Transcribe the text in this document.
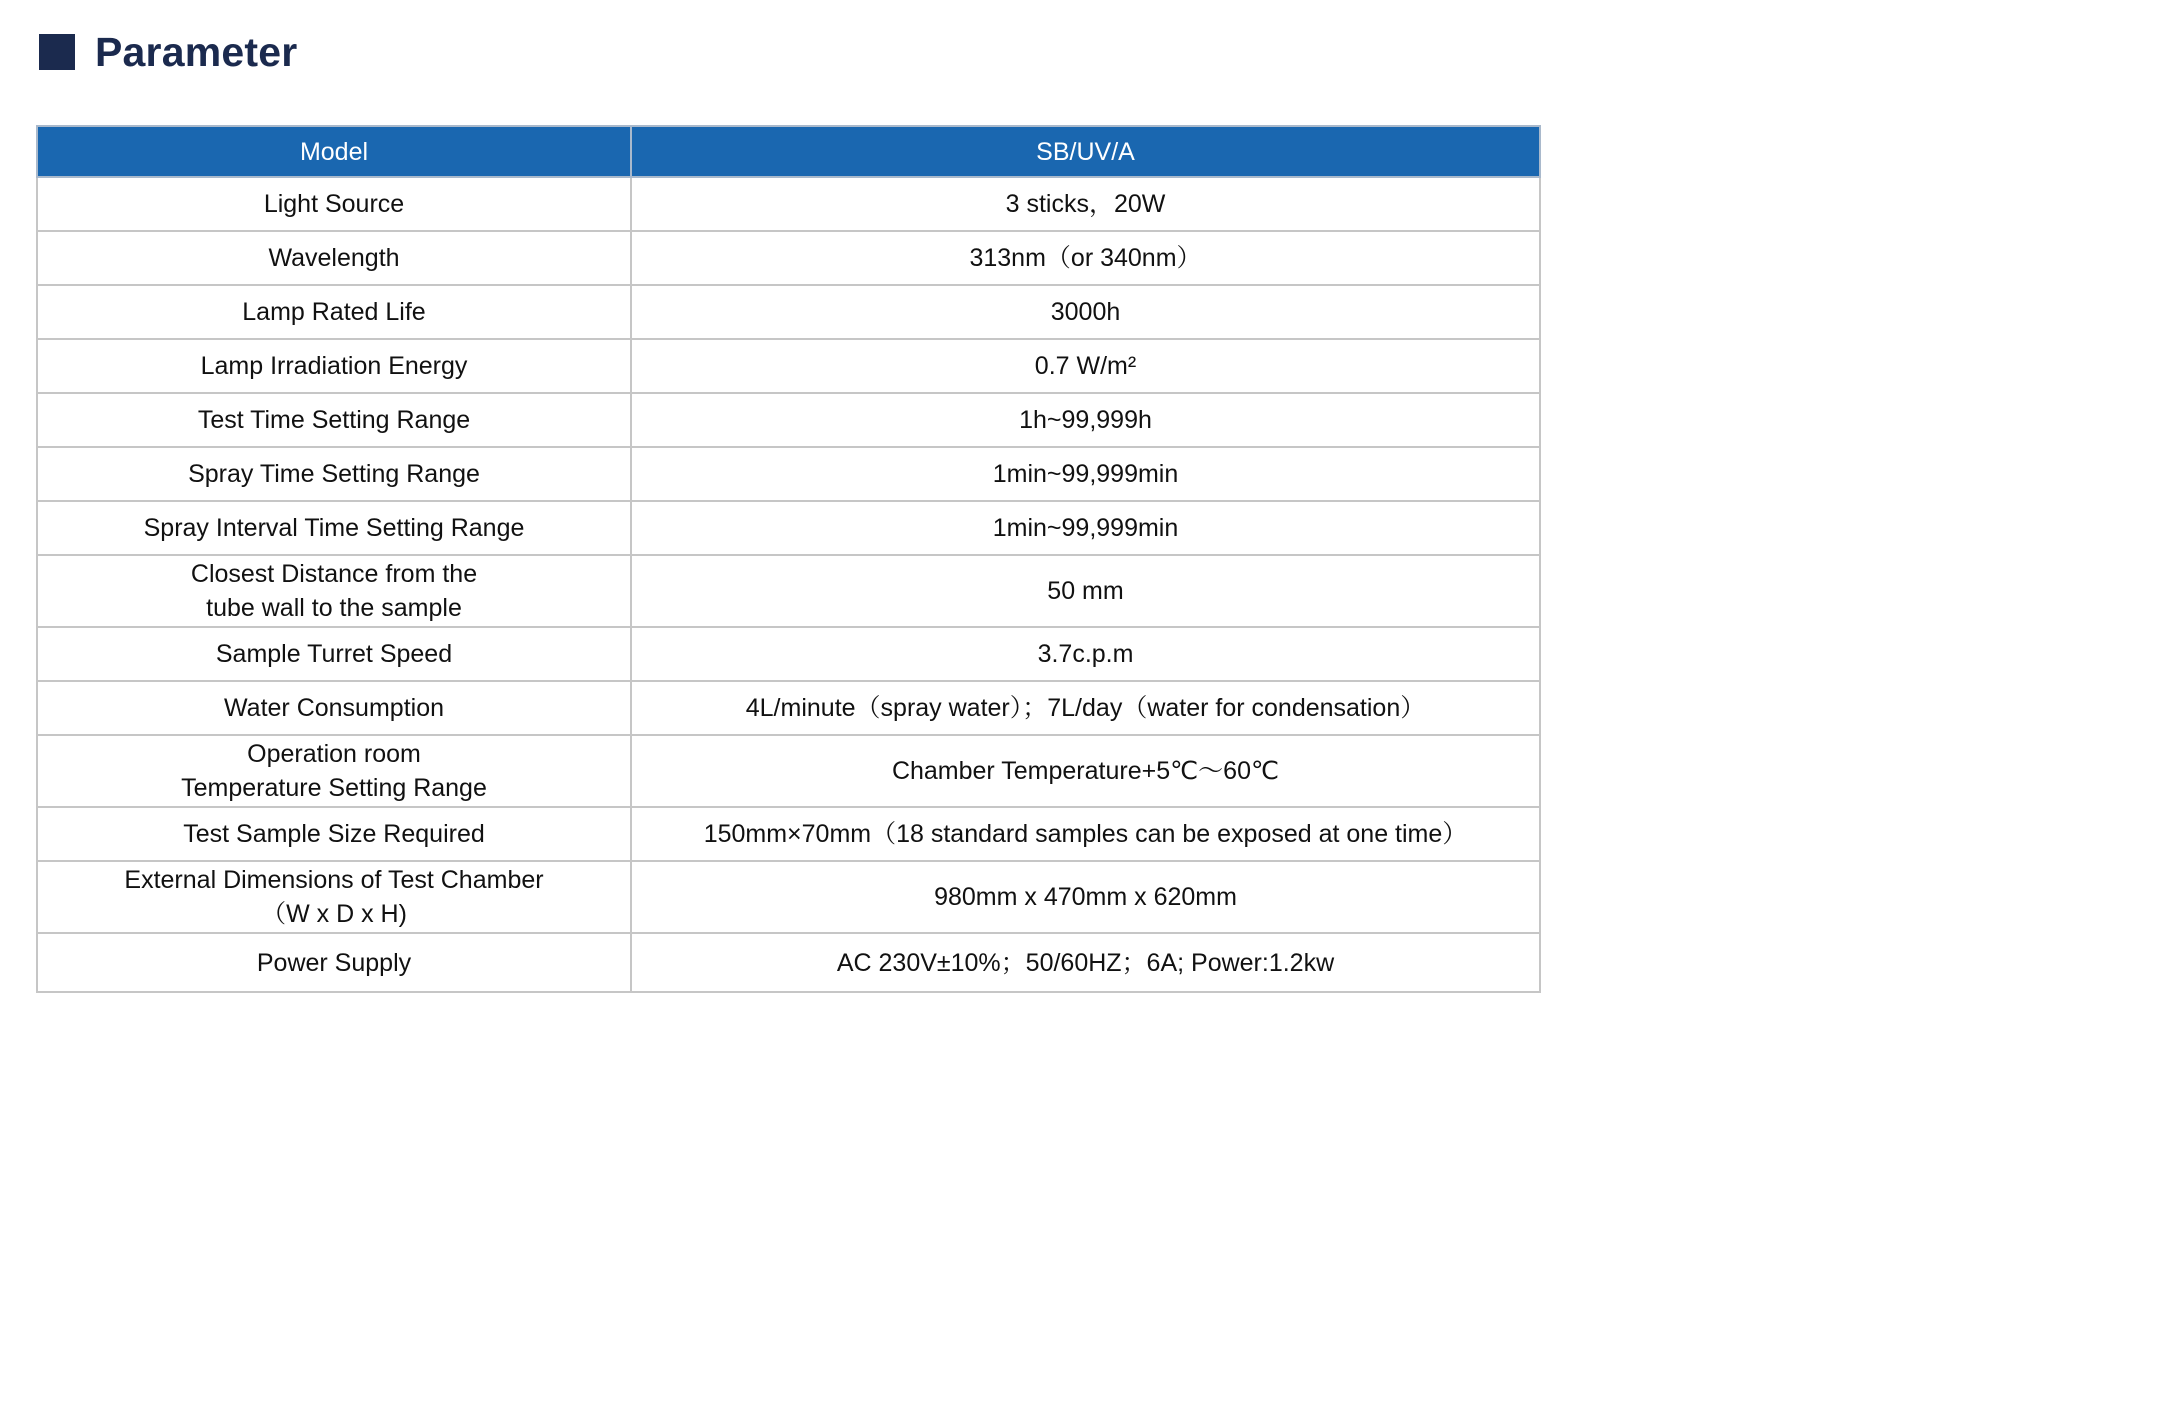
Parameter
Model	SB/UV/A
Light Source	3 sticks，20W
Wavelength	313nm（or 340nm）
Lamp Rated Life	3000h
Lamp Irradiation Energy	0.7 W/m²
Test Time Setting Range	1h~99,999h
Spray Time Setting Range	1min~99,999min
Spray Interval Time Setting Range	1min~99,999min
Closest Distance from the
tube wall to the sample	50 mm
Sample Turret Speed	3.7c.p.m
Water Consumption	4L/minute（spray water）；7L/day（water for condensation）
Operation room
Temperature Setting Range	Chamber Temperature+5℃～60℃
Test Sample Size Required	150mm×70mm（18 standard samples can be exposed at one time）
External Dimensions of Test Chamber
（W x D x H)	980mm x 470mm x 620mm
Power Supply	AC 230V±10%；50/60HZ；6A; Power:1.2kw
